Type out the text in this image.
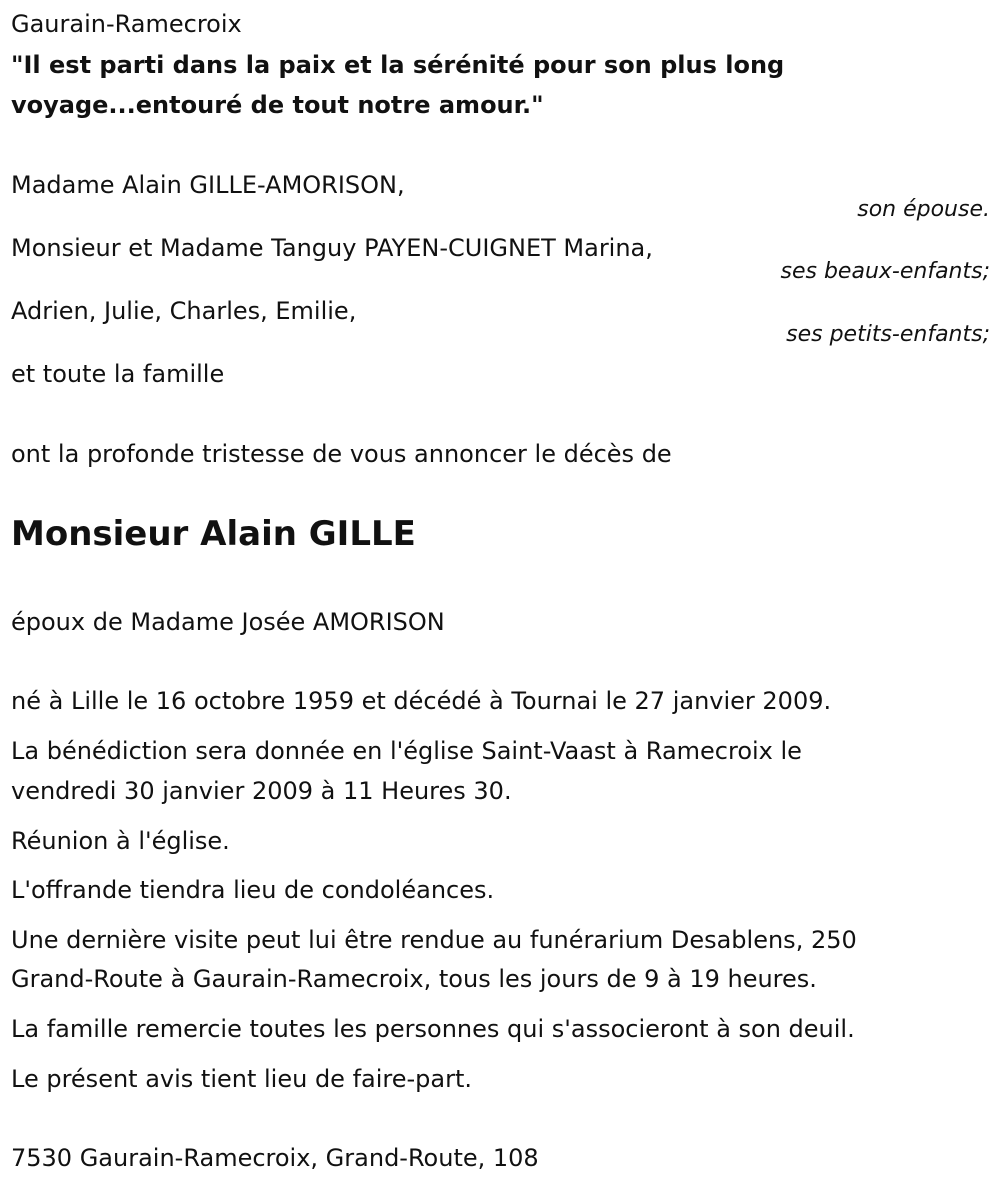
Gaurain-Ramecroix
"Il est parti dans la paix et la sérénité pour son plus long
voyage...entouré de tout notre amour."
Madame Alain GILLE-AMORISON,
son épouse.
Monsieur et Madame Tanguy PAYEN-CUIGNET Marina,
ses beaux-enfants;
Adrien, Julie, Charles, Emilie,
ses petits-enfants;
et toute la famille
ont la profonde tristesse de vous annoncer le décès de
Monsieur Alain GILLE
époux de Madame Josée AMORISON
né à Lille le 16 octobre 1959 et décédé à Tournai le 27 janvier 2009.
La bénédiction sera donnée en l'église Saint-Vaast à Ramecroix le
vendredi 30 janvier 2009 à 11 Heures 30.
Réunion à l'église.
L'offrande tiendra lieu de condoléances.
Une dernière visite peut lui être rendue au funérarium Desablens, 250
Grand-Route à Gaurain-Ramecroix, tous les jours de 9 à 19 heures.
La famille remercie toutes les personnes qui s'associeront à son deuil.
Le présent avis tient lieu de faire-part.
7530 Gaurain-Ramecroix, Grand-Route, 108
